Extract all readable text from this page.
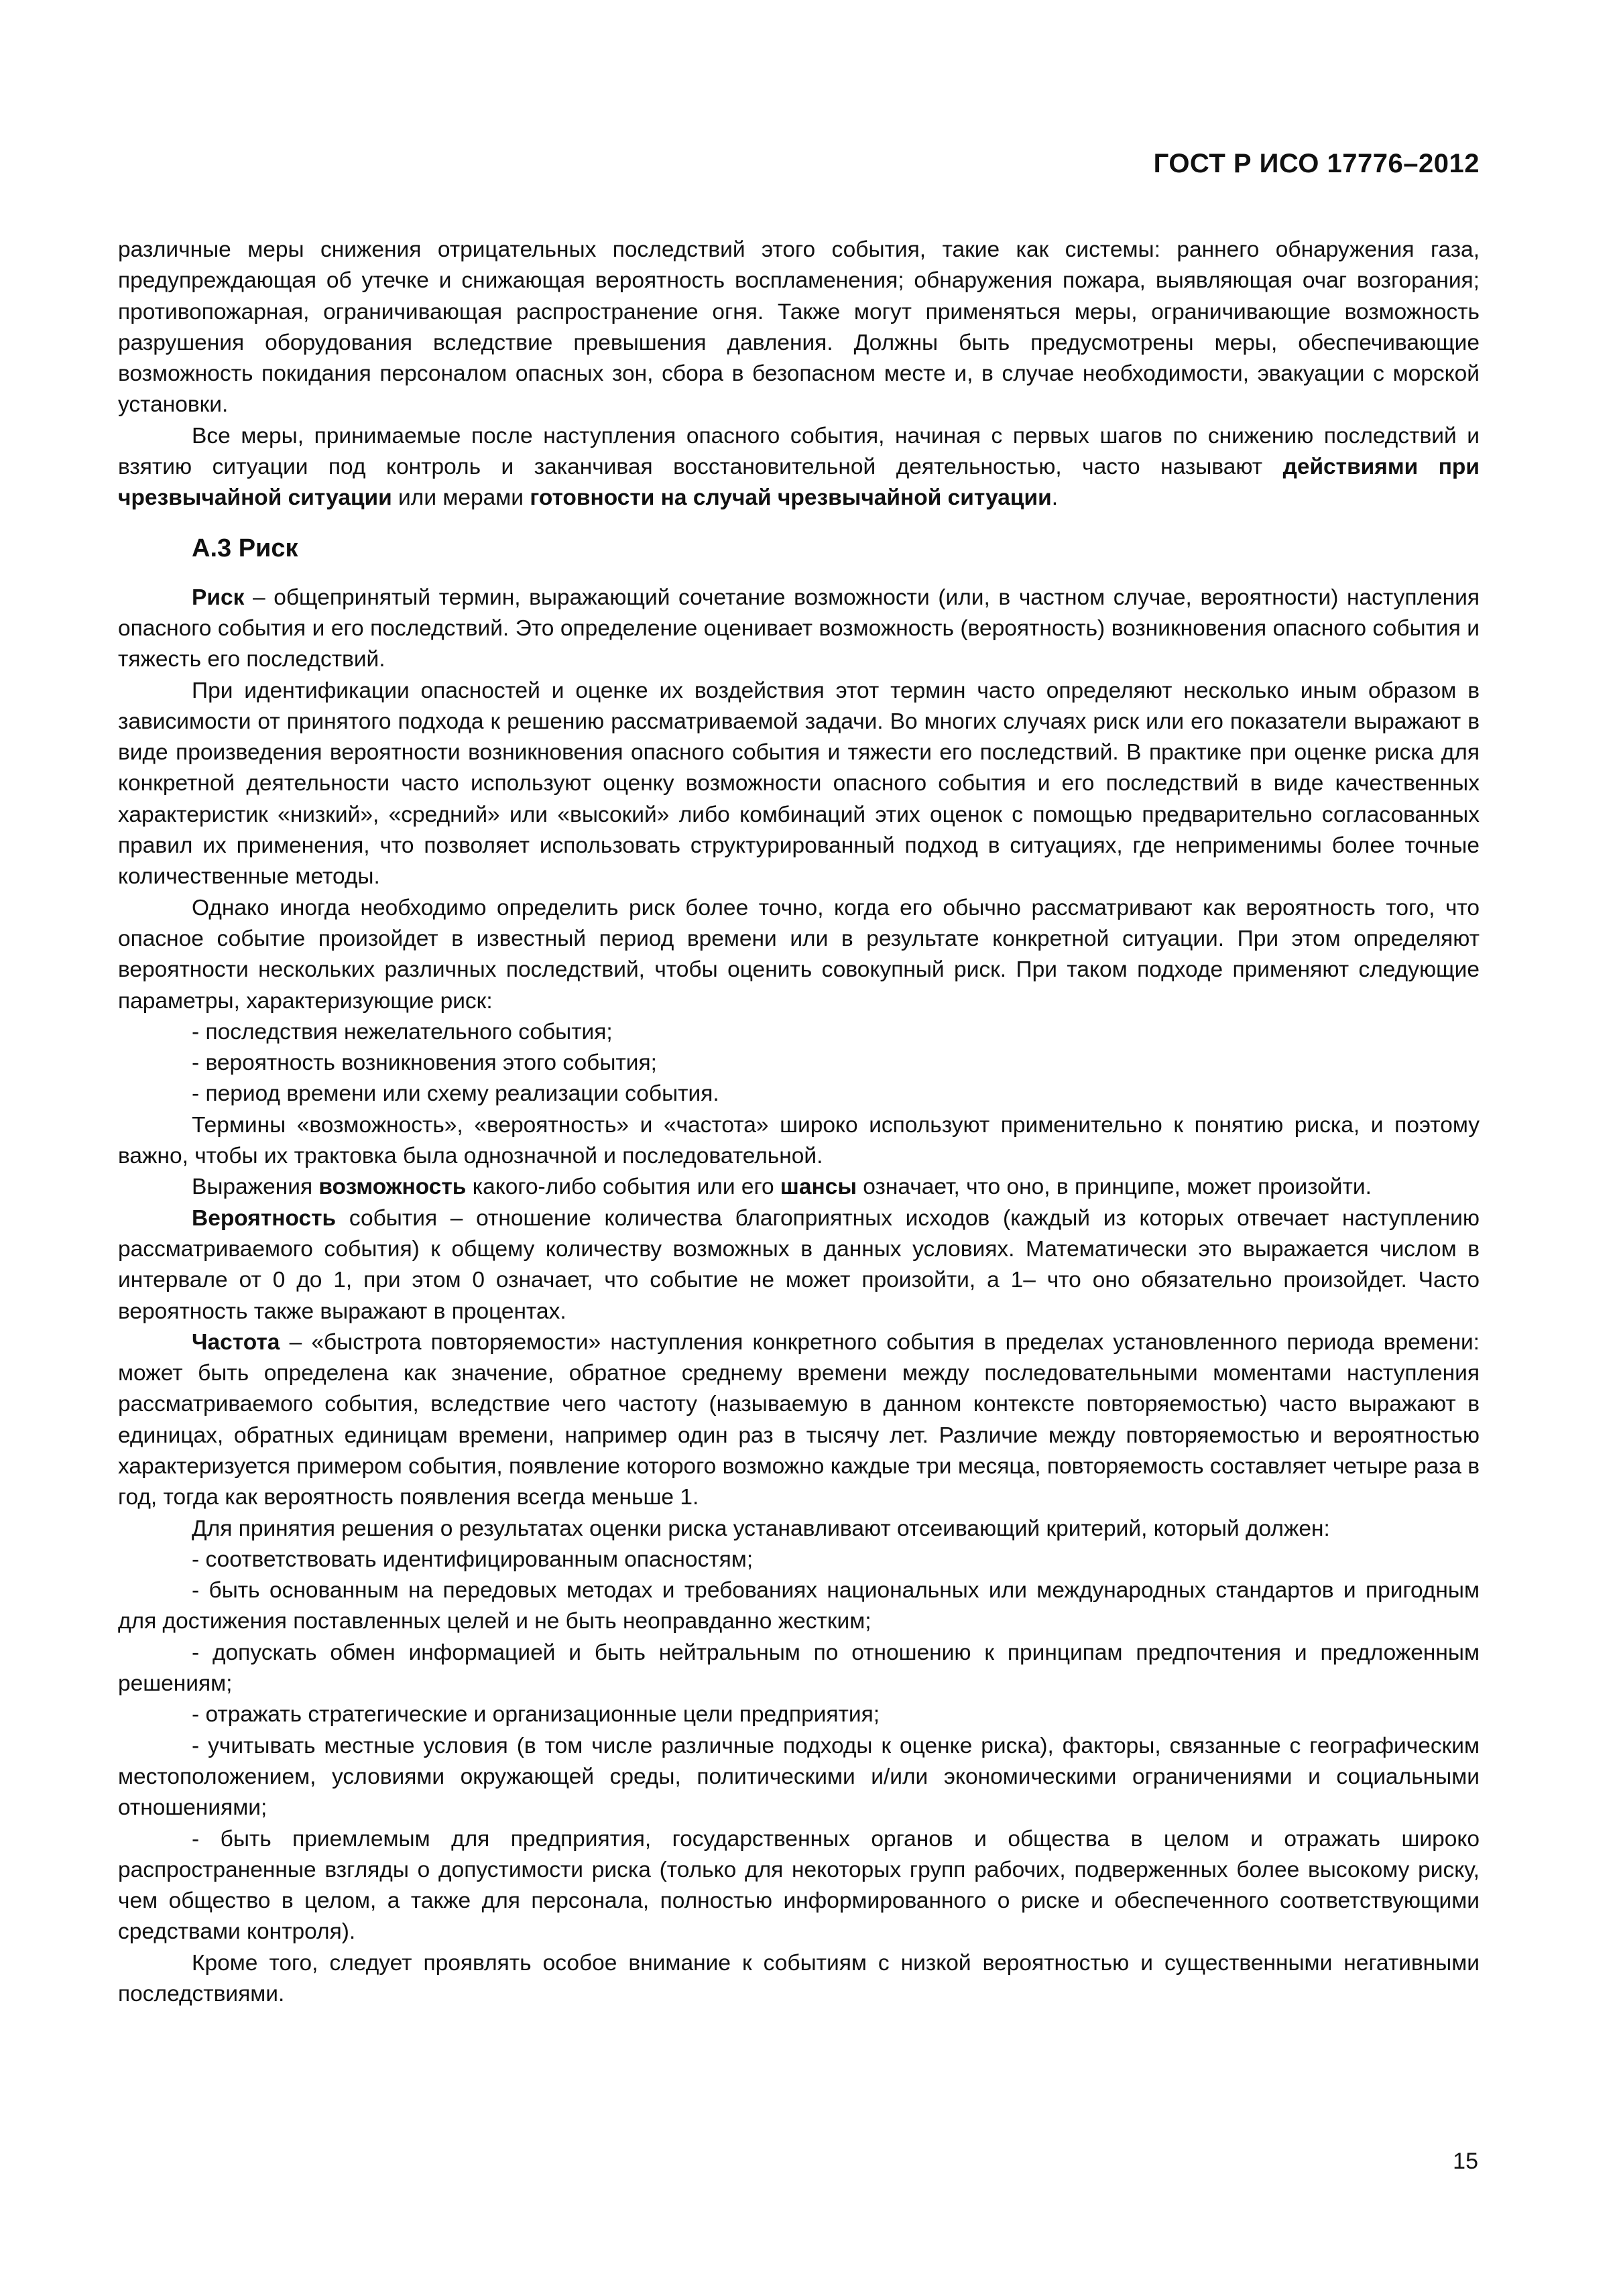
ГОСТ Р ИСО 17776–2012

различные меры снижения отрицательных последствий этого события, такие как системы: раннего обнаружения газа, предупреждающая об утечке и снижающая вероятность воспламенения; обнаружения пожара, выявляющая очаг возгорания; противопожарная, ограничивающая распространение огня. Также могут применяться меры, ограничивающие возможность разрушения оборудования вследствие превышения давления. Должны быть предусмотрены меры, обеспечивающие возможность покидания персоналом опасных зон, сбора в безопасном месте и, в случае необходимости, эвакуации с морской установки.

Все меры, принимаемые после наступления опасного события, начиная с первых шагов по снижению последствий и взятию ситуации под контроль и заканчивая восстановительной деятельностью, часто называют действиями при чрезвычайной ситуации или мерами готовности на случай чрезвычайной ситуации.

А.3 Риск

Риск – общепринятый термин, выражающий сочетание возможности (или, в частном случае, вероятности) наступления опасного события и его последствий. Это определение оценивает возможность (вероятность) возникновения опасного события и тяжесть его последствий.

При идентификации опасностей и оценке их воздействия этот термин часто определяют несколько иным образом в зависимости от принятого подхода к решению рассматриваемой задачи. Во многих случаях риск или его показатели выражают в виде произведения вероятности возникновения опасного события и тяжести его последствий. В практике при оценке риска для конкретной деятельности часто используют оценку возможности опасного события и его последствий в виде качественных характеристик «низкий», «средний» или «высокий» либо комбинаций этих оценок с помощью предварительно согласованных правил их применения, что позволяет использовать структурированный подход в ситуациях, где неприменимы более точные количественные методы.

Однако иногда необходимо определить риск более точно, когда его обычно рассматривают как вероятность того, что опасное событие произойдет в известный период времени или в результате конкретной ситуации. При этом определяют вероятности нескольких различных последствий, чтобы оценить совокупный риск. При таком подходе применяют следующие параметры, характеризующие риск:

- последствия нежелательного события;

- вероятность возникновения этого события;

- период времени или схему реализации события.

Термины «возможность», «вероятность» и «частота» широко используют применительно к понятию риска, и поэтому важно, чтобы их трактовка была однозначной и последовательной.

Выражения возможность какого-либо события или его шансы означает, что оно, в принципе, может произойти.

Вероятность события – отношение количества благоприятных исходов (каждый из которых отвечает наступлению рассматриваемого события) к общему количеству возможных в данных условиях. Математически это выражается числом в интервале от 0 до 1, при этом 0 означает, что событие не может произойти, а 1– что оно обязательно произойдет. Часто вероятность также выражают в процентах.

Частота – «быстрота повторяемости» наступления конкретного события в пределах установленного периода времени: может быть определена как значение, обратное среднему времени между последовательными моментами наступления рассматриваемого события, вследствие чего частоту (называемую в данном контексте повторяемостью) часто выражают в единицах, обратных единицам времени, например один раз в тысячу лет. Различие между повторяемостью и вероятностью характеризуется примером события, появление которого возможно каждые три месяца, повторяемость составляет четыре раза в год, тогда как вероятность появления всегда меньше 1.

Для принятия решения о результатах оценки риска устанавливают отсеивающий критерий, который должен:

- соответствовать идентифицированным опасностям;

- быть основанным на передовых методах и требованиях национальных или международных стандартов и пригодным для достижения поставленных целей и не быть неоправданно жестким;

- допускать обмен информацией и быть нейтральным по отношению к принципам предпочтения и предложенным решениям;

- отражать стратегические и организационные цели предприятия;

- учитывать местные условия (в том числе различные подходы к оценке риска), факторы, связанные с географическим местоположением, условиями окружающей среды, политическими и/или экономическими ограничениями и социальными отношениями;

- быть приемлемым для предприятия, государственных органов и общества в целом и отражать широко распространенные взгляды о допустимости риска (только для некоторых групп рабочих, подверженных более высокому риску, чем общество в целом, а также для персонала, полностью информированного о риске и обеспеченного соответствующими средствами контроля).

Кроме того, следует проявлять особое внимание к событиям с низкой вероятностью и существенными негативными последствиями.

15
